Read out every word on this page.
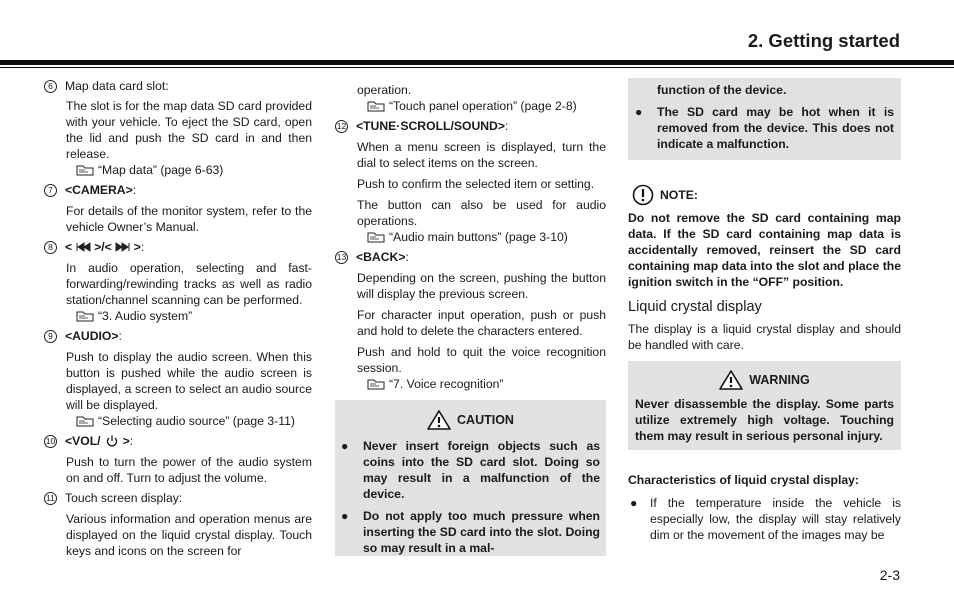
2. Getting started
6 Map data card slot:

The slot is for the map data SD card provided with your vehicle. To eject the SD card, open the lid and push the SD card in and then release.

“Map data” (page 6-63)
7 <CAMERA>:

For details of the monitor system, refer to the vehicle Owner’s Manual.

8 < >/< > :

In audio operation, selecting and fast-forwarding/rewinding tracks as well as radio station/channel scanning can be performed.

“3. Audio system”
9 <AUDIO>:

Push to display the audio screen. When this button is pushed while the audio screen is displayed, a screen to select an audio source will be displayed.

“Selecting audio source” (page 3-11)
10 <VOL/ > :

Push to turn the power of the audio system on and off. Turn to adjust the volume.

11 Touch screen display:

Various information and operation menus are displayed on the liquid crystal display. Touch keys and icons on the screen for

operation.

“Touch panel operation” (page 2-8)
12 <TUNE·SCROLL/SOUND>:

When a menu screen is displayed, turn the dial to select items on the screen.

Push to confirm the selected item or setting.

The button can also be used for audio operations.

“Audio main buttons” (page 3-10)
13 <BACK>:

Depending on the screen, pushing the button will display the previous screen.

For character input operation, push or push and hold to delete the characters entered.

Push and hold to quit the voice recognition session.

“7. Voice recognition”
CAUTION
●	Never insert foreign objects such as coins into the SD card slot. Doing so may result in a malfunction of the device.
●	Do not apply too much pressure when inserting the SD card into the slot. Doing so may result in a mal-
function of the device.
●	The SD card may be hot when it is removed from the device. This does not indicate a malfunction.
NOTE:

Do not remove the SD card containing map data. If the SD card containing map data is accidentally removed, reinsert the SD card containing map data into the slot and place the ignition switch in the “OFF” position.

Liquid crystal display

The display is a liquid crystal display and should be handled with care.

WARNING

Never disassemble the display. Some parts utilize extremely high voltage. Touching them may result in serious personal injury.

Characteristics of liquid crystal display:
● If the temperature inside the vehicle is especially low, the display will stay relatively dim or the movement of the images may be
2-3
